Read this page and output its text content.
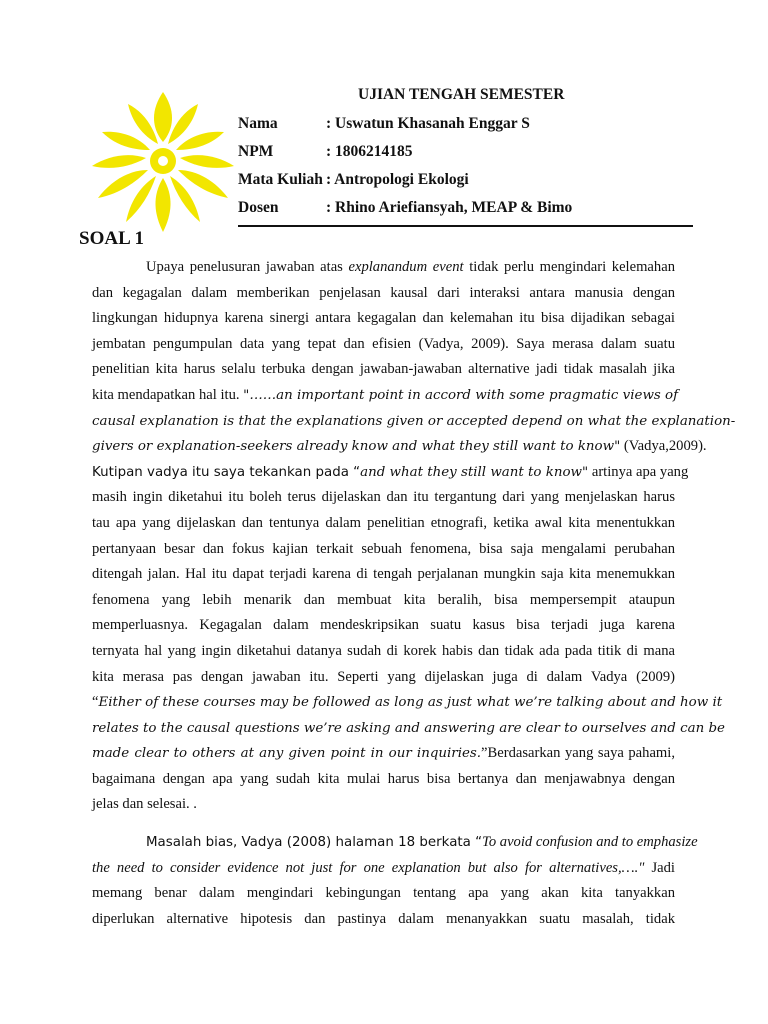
UJIAN TENGAH SEMESTER
Nama	: Uswatun Khasanah Enggar S
NPM	: 1806214185
Mata Kuliah : Antropologi Ekologi
Dosen	: Rhino Ariefiansyah, MEAP & Bimo
SOAL 1
Upaya penelusuran jawaban atas explanandum event tidak perlu mengindari kelemahan
dan kegagalan dalam memberikan penjelasan kausal dari interaksi antara manusia dengan
lingkungan hidupnya karena sinergi antara kegagalan dan kelemahan itu bisa dijadikan sebagai
jembatan pengumpulan data yang tepat dan efisien (Vadya, 2009). Saya merasa dalam suatu
penelitian kita harus selalu terbuka dengan jawaban-jawaban alternative jadi tidak masalah jika
kita mendapatkan hal itu. "……an important point in accord with some pragmatic views of
causal explanation is that the explanations given or accepted depend on what the explanation-
givers or explanation-seekers already know and what they still want to know" (Vadya,2009).
Kutipan vadya itu saya tekankan pada “and what they still want to know" artinya apa yang
masih ingin diketahui itu boleh terus dijelaskan dan itu tergantung dari yang menjelaskan harus
tau apa yang dijelaskan dan tentunya dalam penelitian etnografi, ketika awal kita menentukkan
pertanyaan besar dan fokus kajian terkait sebuah fenomena, bisa saja mengalami perubahan
ditengah jalan. Hal itu dapat terjadi karena di tengah perjalanan mungkin saja kita menemukkan
fenomena yang lebih menarik dan membuat kita beralih, bisa mempersempit ataupun
memperluasnya. Kegagalan dalam mendeskripsikan suatu kasus bisa terjadi juga karena
ternyata hal yang ingin diketahui datanya sudah di korek habis dan tidak ada pada titik di mana
kita merasa pas dengan jawaban itu. Seperti yang dijelaskan juga di dalam Vadya (2009)
“Either of these courses may be followed as long as just what we’re talking about and how it
relates to the causal questions we’re asking and answering are clear to ourselves and can be
made clear to others at any given point in our inquiries.”Berdasarkan yang saya pahami,
bagaimana dengan apa yang sudah kita mulai harus bisa bertanya dan menjawabnya dengan
jelas dan selesai. .
Masalah bias, Vadya (2008) halaman 18 berkata “To avoid confusion and to emphasize
the need to consider evidence not just for one explanation but also for alternatives,…." Jadi
memang benar dalam mengindari kebingungan tentang apa yang akan kita tanyakkan
diperlukan alternative hipotesis dan pastinya dalam menanyakkan suatu masalah, tidak
